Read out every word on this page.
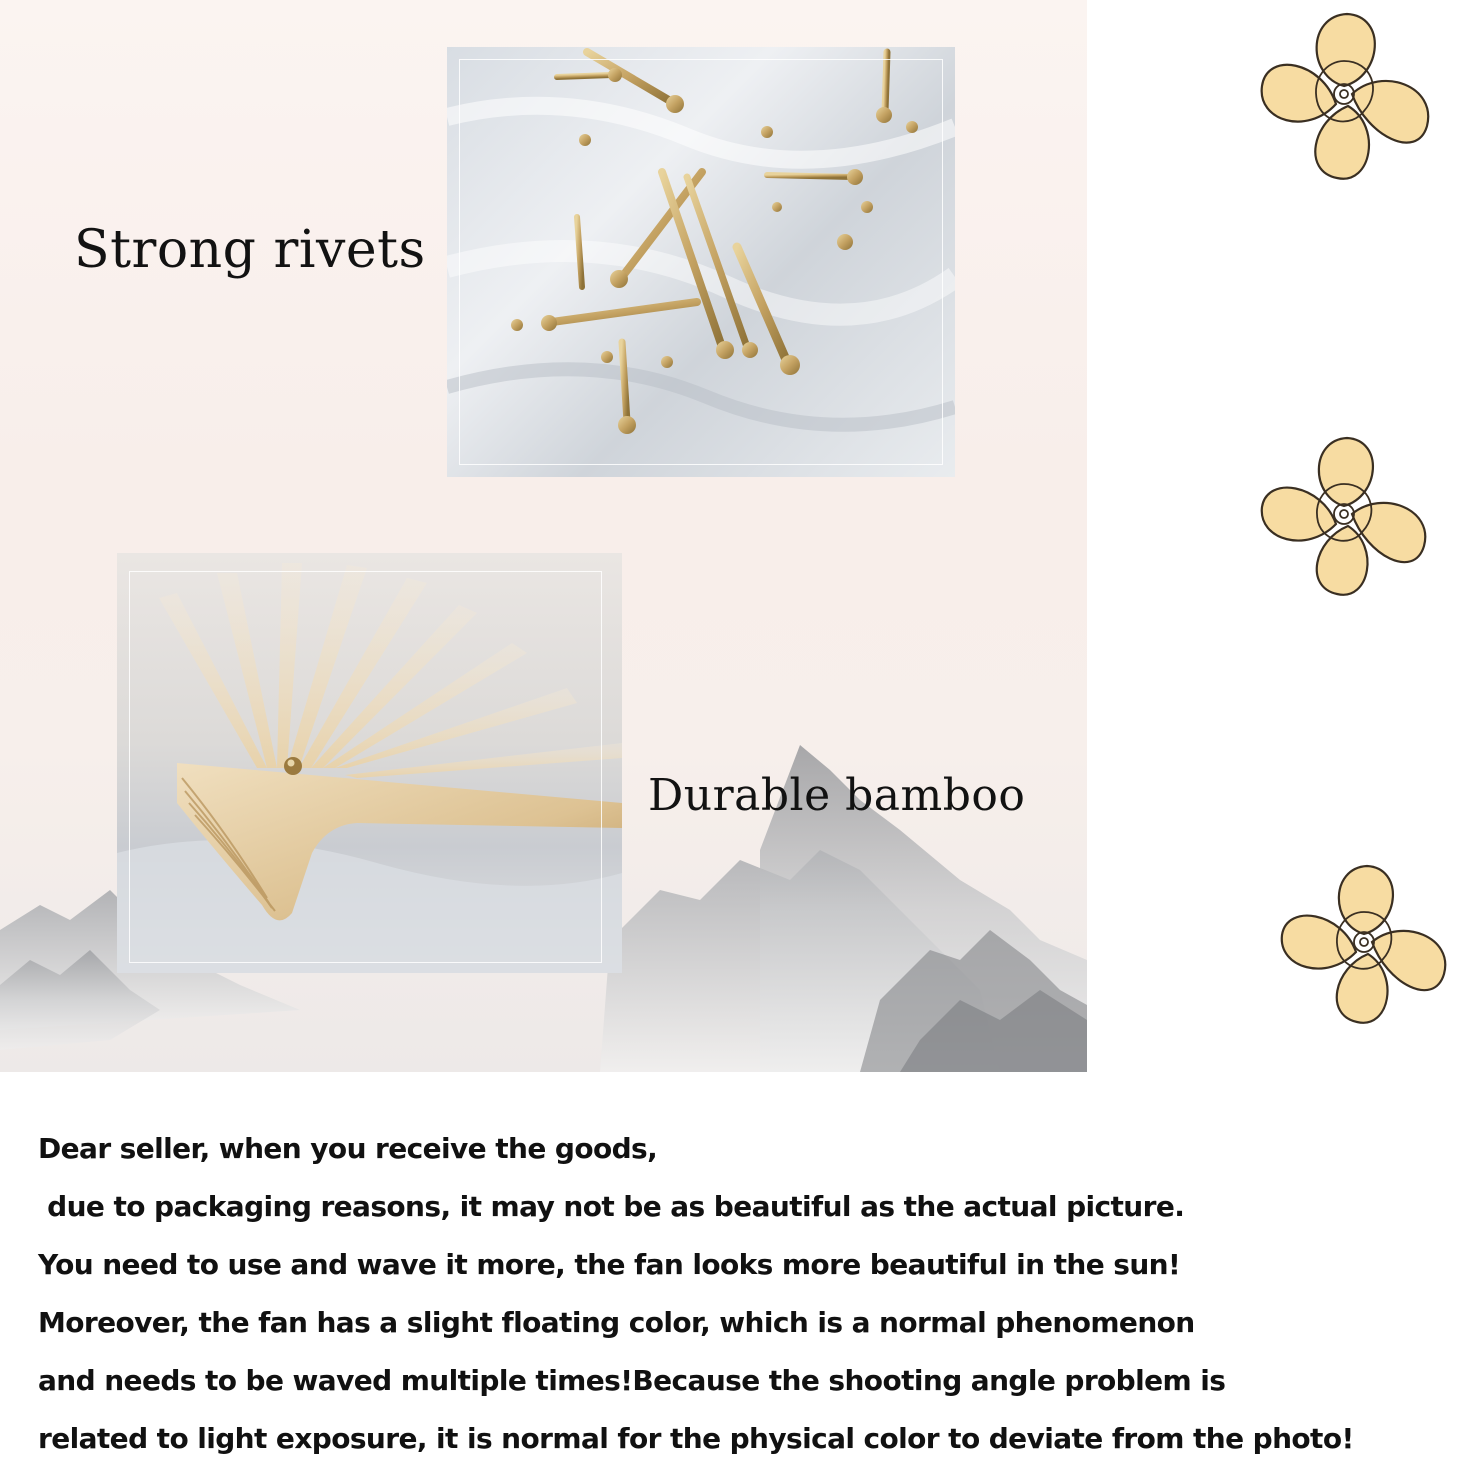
Strong rivets
Durable bamboo
Dear seller, when you receive the goods,
due to packaging reasons, it may not be as beautiful as the actual picture.
You need to use and wave it more, the fan looks more beautiful in the sun!
Moreover, the fan has a slight floating color, which is a normal phenomenon
and needs to be waved multiple times!Because the shooting angle problem is
related to light exposure, it is normal for the physical color to deviate from the photo!
